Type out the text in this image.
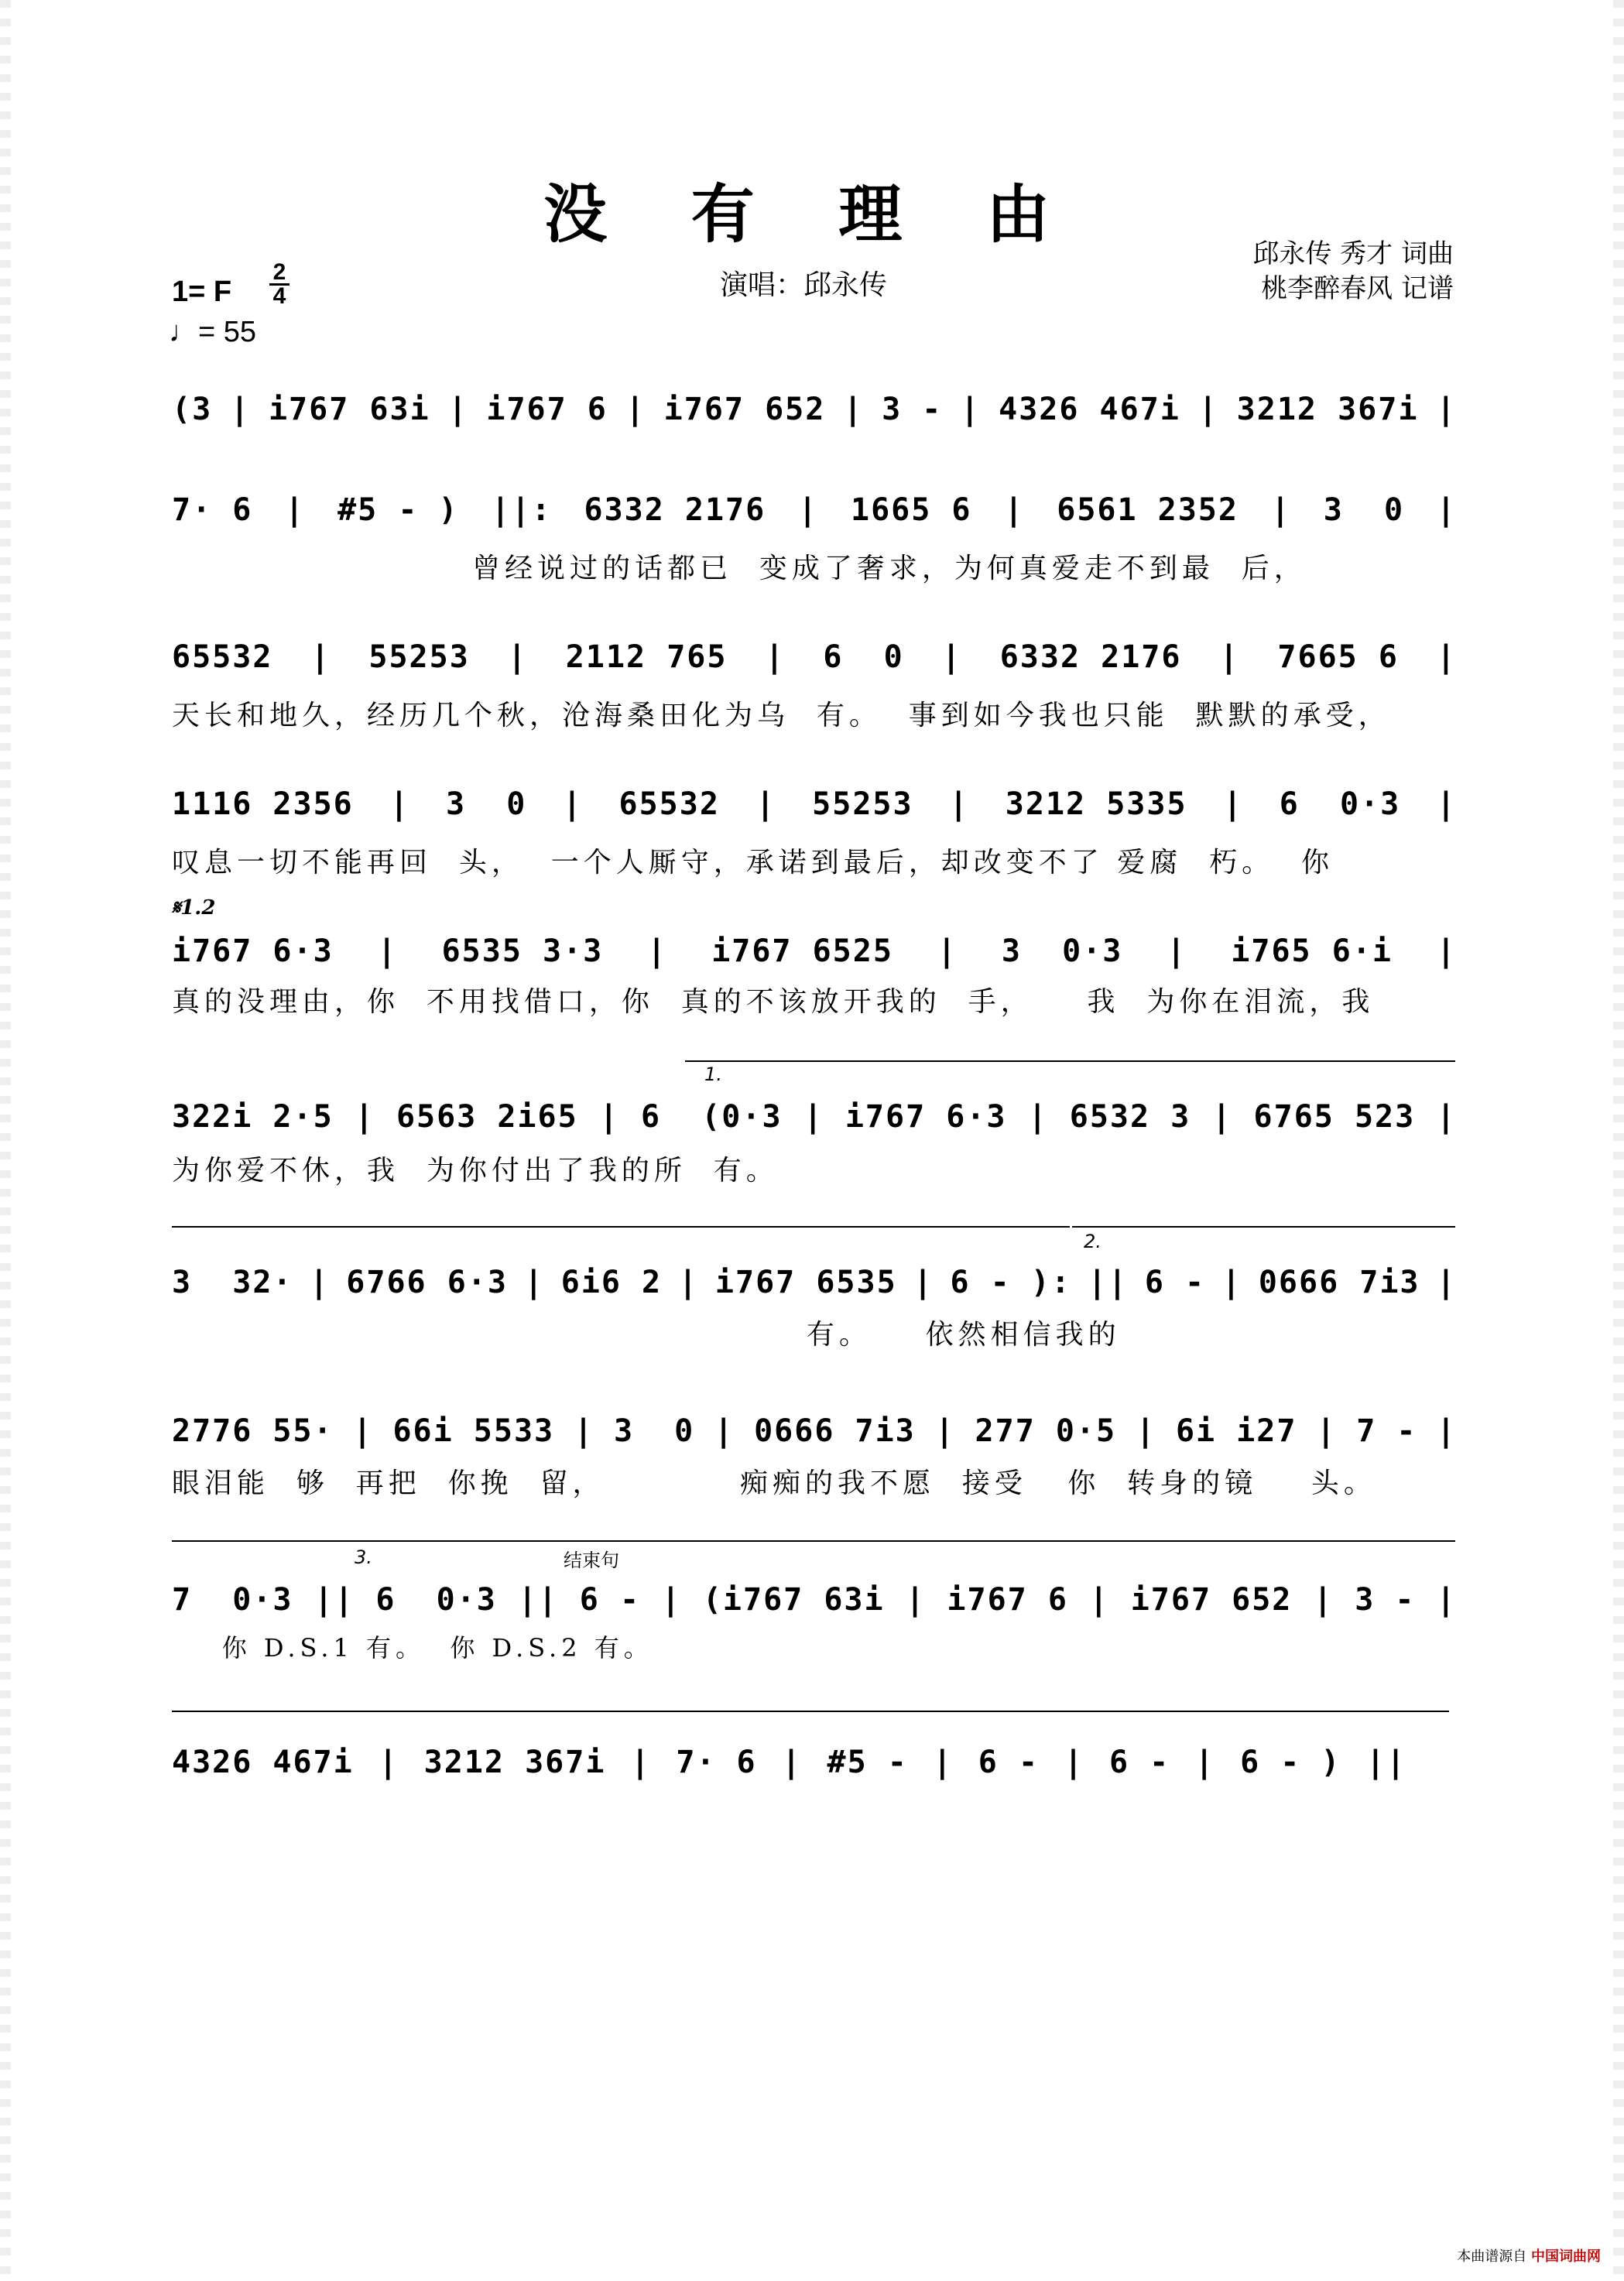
没 有 理 由
演唱：邱永传
邱永传 秀才 词曲
桃李醉春风 记谱
1= F
2
4
♩= 55
𝄋1.2
1.
2.
3.	结束句
(3 | i767 63i | i767 6 | i767 652 | 3 - | 4326 467i | 3212 367i |
7· 6 | #5 - ) ||: 6332 2176 | 1665 6 | 6561 2352 | 3  0 |
曾经说过的话都已  变成了奢求，为何真爱走不到最  后，
65532 | 55253 | 2112 765 | 6  0 | 6332 2176 | 7665 6 |
天长和地久，经历几个秋，沧海桑田化为乌  有。  事到如今我也只能  默默的承受，
1116 2356 | 3  0 | 65532 | 55253 | 3212 5335 | 6  0·3 |
叹息一切不能再回  头，  一个人厮守，承诺到最后，却改变不了 爱腐  朽。  你
i767 6·3 | 6535 3·3 | i767 6525 | 3  0·3 | i765 6·i |
真的没理由，你  不用找借口，你  真的不该放开我的  手，    我  为你在泪流，我
322i 2·5 | 6563 2i65 | 6  (0·3 | i767 6·3 | 6532 3 | 6765 523 |
为你爱不休，我  为你付出了我的所  有。
3  32· | 6766 6·3 | 6i6 2 | i767 6535 | 6 - ): || 6 - | 0666 7i3 |
有。    依然相信我的
2776 55· | 66i 5533 | 3  0 | 0666 7i3 | 277 0·5 | 6i i27 | 7 - |
眼泪能  够  再把  你挽  留，          痴痴的我不愿  接受   你  转身的镜    头。
7  0·3 || 6  0·3 || 6 - | (i767 63i | i767 6 | i767 652 | 3 - |
你 D.S.1 有。  你 D.S.2 有。
4326 467i | 3212 367i | 7· 6 | #5 - | 6 - | 6 - | 6 - ) ||
本曲谱源自 中国词曲网
